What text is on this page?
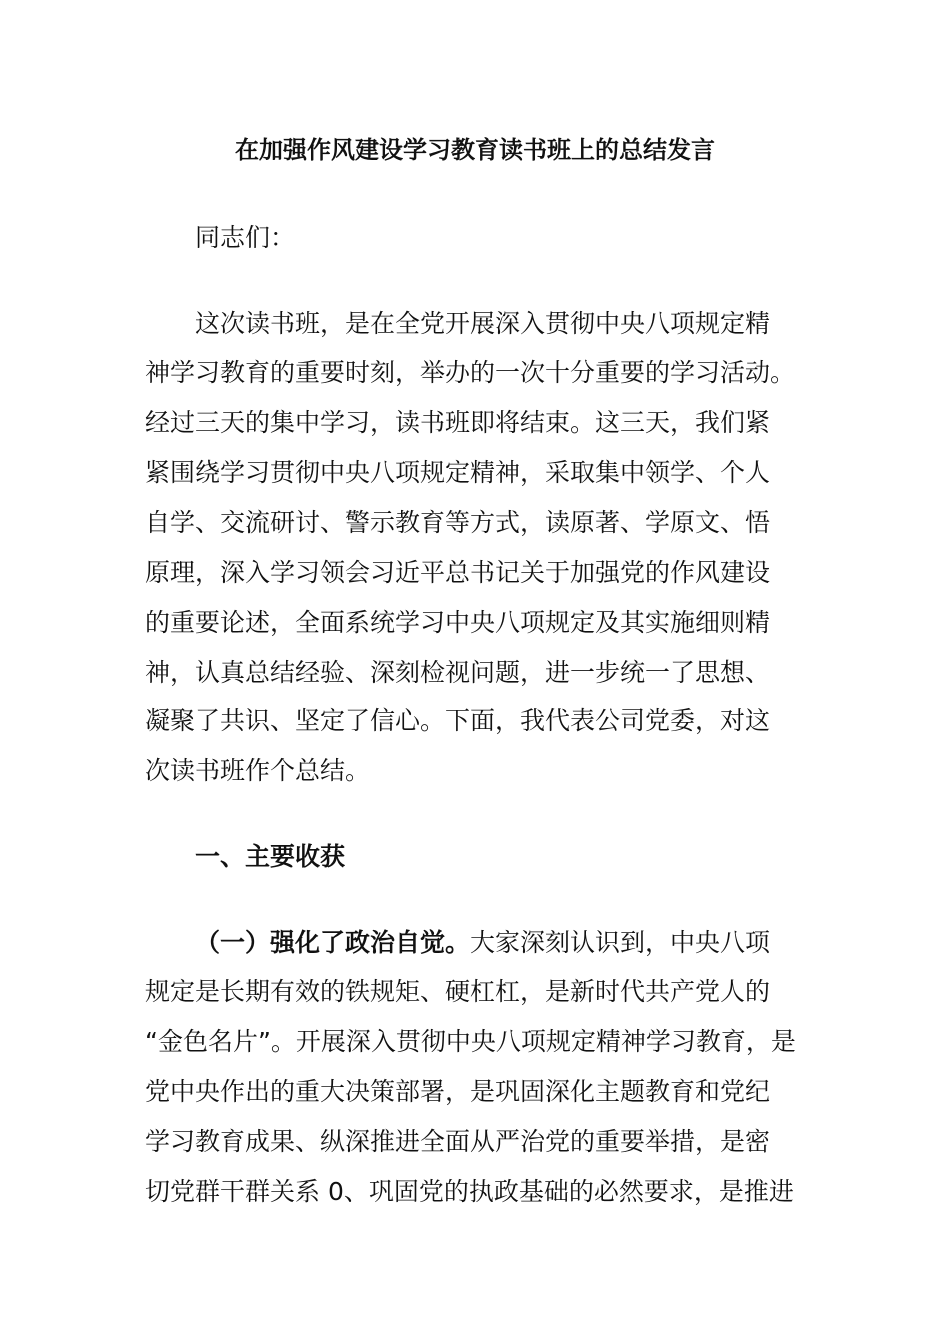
在加强作风建设学习教育读书班上的总结发言
同志们：
这次读书班，是在全党开展深入贯彻中央八项规定精
神学习教育的重要时刻，举办的一次十分重要的学习活动。
经过三天的集中学习，读书班即将结束。这三天，我们紧
紧围绕学习贯彻中央八项规定精神，采取集中领学、个人
自学、交流研讨、警示教育等方式，读原著、学原文、悟
原理，深入学习领会习近平总书记关于加强党的作风建设
的重要论述，全面系统学习中央八项规定及其实施细则精
神，认真总结经验、深刻检视问题，进一步统一了思想、
凝聚了共识、坚定了信心。下面，我代表公司党委，对这
次读书班作个总结。
一、主要收获
（一）强化了政治自觉。大家深刻认识到，中央八项
规定是长期有效的铁规矩、硬杠杠，是新时代共产党人的
“金色名片”。开展深入贯彻中央八项规定精神学习教育，是
党中央作出的重大决策部署，是巩固深化主题教育和党纪
学习教育成果、纵深推进全面从严治党的重要举措，是密
切党群干群关系 0、巩固党的执政基础的必然要求，是推进
